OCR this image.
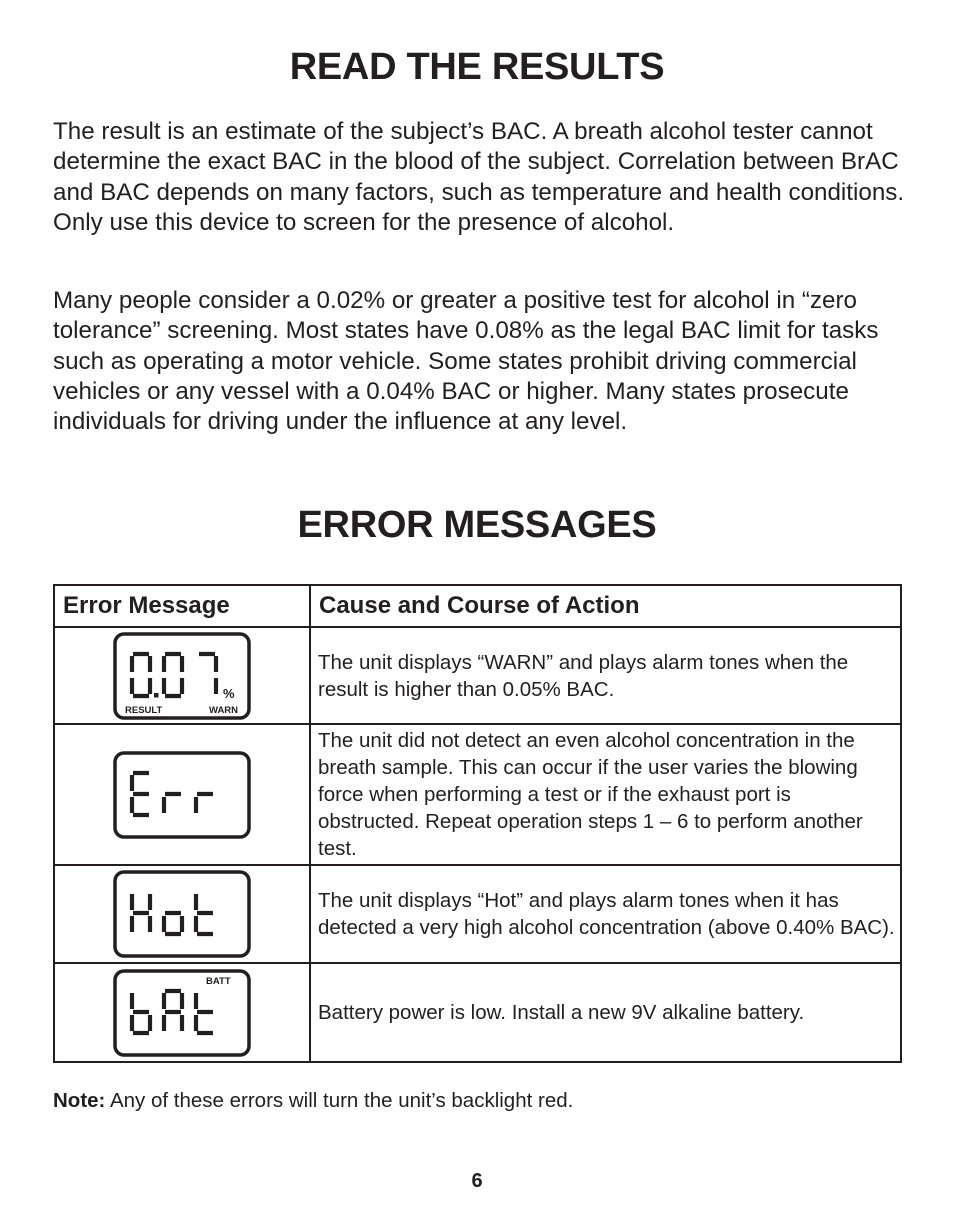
READ THE RESULTS

The result is an estimate of the subject’s BAC. A breath alcohol tester cannot determine the exact BAC in the blood of the subject. Correlation between BrAC and BAC depends on many factors, such as temperature and health conditions. Only use this device to screen for the presence of alcohol.

Many people consider a 0.02% or greater a positive test for alcohol in “zero tolerance” screening. Most states have 0.08% as the legal BAC limit for tasks such as operating a motor vehicle. Some states prohibit driving commercial vehicles or any vessel with a 0.04% BAC or higher. Many states prosecute individuals for driving under the influence at any level.

ERROR MESSAGES
Error Message	Cause and Course of Action

%
RESULT WARN	The unit displays “WARN” and plays alarm tones when the result is higher than 0.05% BAC.

	The unit did not detect an even alcohol concentration in the breath sample. This can occur if the user varies the blowing force when performing a test or if the exhaust port is obstructed. Repeat operation steps 1 – 6 to perform another test.

	The unit displays “Hot” and plays alarm tones when it has detected a very high alcohol concentration (above 0.40% BAC).

BATT	Battery power is low. Install a new 9V alkaline battery.

Note: Any of these errors will turn the unit’s backlight red.

6
